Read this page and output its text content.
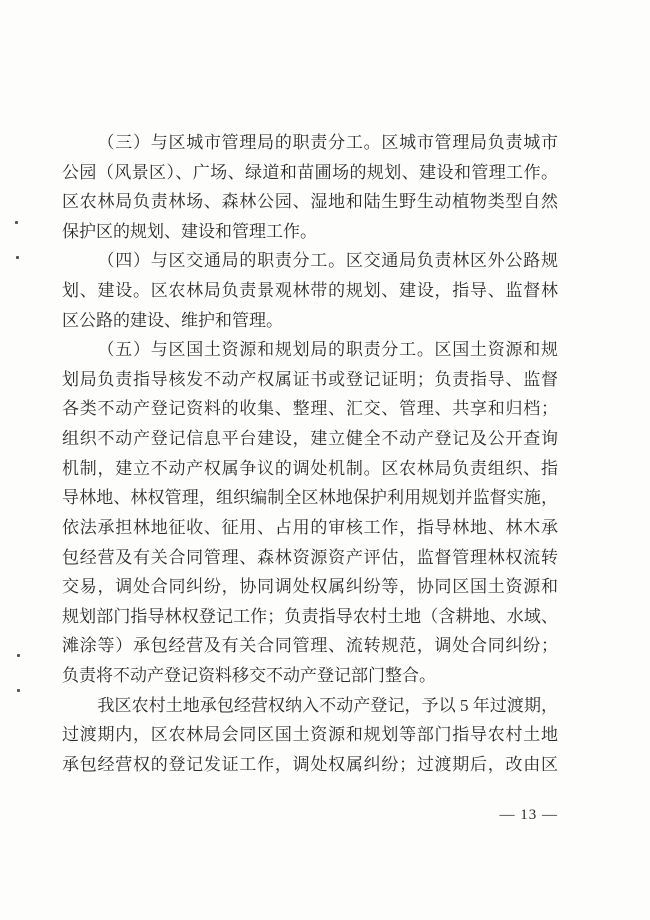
（三）与区城市管理局的职责分工。区城市管理局负责城市
公园（风景区）、广场、绿道和苗圃场的规划、建设和管理工作。
区农林局负责林场、森林公园、湿地和陆生野生动植物类型自然
保护区的规划、建设和管理工作。
（四）与区交通局的职责分工。区交通局负责林区外公路规
划、建设。区农林局负责景观林带的规划、建设，指导、监督林
区公路的建设、维护和管理。
（五）与区国土资源和规划局的职责分工。区国土资源和规
划局负责指导核发不动产权属证书或登记证明；负责指导、监督
各类不动产登记资料的收集、整理、汇交、管理、共享和归档；
组织不动产登记信息平台建设，建立健全不动产登记及公开查询
机制，建立不动产权属争议的调处机制。区农林局负责组织、指
导林地、林权管理，组织编制全区林地保护利用规划并监督实施，
依法承担林地征收、征用、占用的审核工作，指导林地、林木承
包经营及有关合同管理、森林资源资产评估，监督管理林权流转
交易，调处合同纠纷，协同调处权属纠纷等，协同区国土资源和
规划部门指导林权登记工作；负责指导农村土地（含耕地、水域、
滩涂等）承包经营及有关合同管理、流转规范，调处合同纠纷；
负责将不动产登记资料移交不动产登记部门整合。
我区农村土地承包经营权纳入不动产登记，予以 5 年过渡期，
过渡期内，区农林局会同区国土资源和规划等部门指导农村土地
承包经营权的登记发证工作，调处权属纠纷；过渡期后，改由区
— 13 —
